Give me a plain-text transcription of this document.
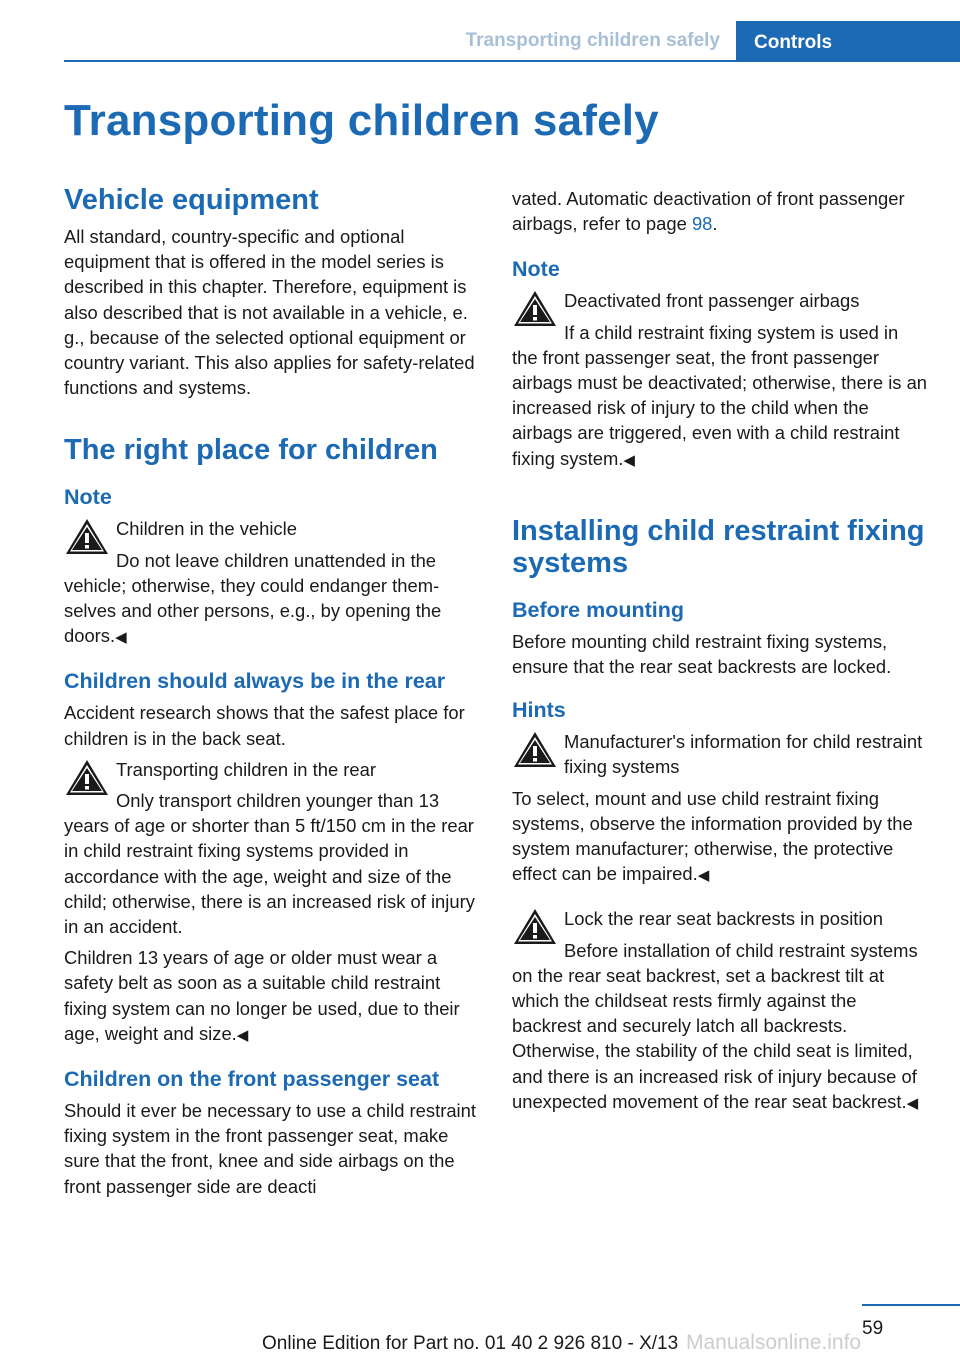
Transporting children safely	Controls
Transporting children safely
Vehicle equipment

All standard, country-specific and optional equipment that is offered in the model series is described in this chapter. Therefore, equipment is also described that is not available in a vehicle, e. g., because of the selected optional equipment or country variant. This also applies for safety-related functions and systems.

The right place for children
Note

Children in the vehicle

Do not leave children unattended in the vehicle; otherwise, they could endanger themselves and other persons, e.g., by opening the doors.◀

Children should always be in the rear

Accident research shows that the safest place for children is in the back seat.

Transporting children in the rear

Only transport children younger than 13 years of age or shorter than 5 ft/150 cm in the rear in child restraint fixing systems provided in accordance with the age, weight and size of the child; otherwise, there is an increased risk of injury in an accident.

Children 13 years of age or older must wear a safety belt as soon as a suitable child restraint fixing system can no longer be used, due to their age, weight and size.◀

Children on the front passenger seat

Should it ever be necessary to use a child restraint fixing system in the front passenger seat, make sure that the front, knee and side airbags on the front passenger side are deacti

vated. Automatic deactivation of front passenger airbags, refer to page 98.

Note

Deactivated front passenger airbags

If a child restraint fixing system is used in the front passenger seat, the front passenger airbags must be deactivated; otherwise, there is an increased risk of injury to the child when the airbags are triggered, even with a child restraint fixing system.◀

Installing child restraint fixing systems
Before mounting

Before mounting child restraint fixing systems, ensure that the rear seat backrests are locked.

Hints

Manufacturer's information for child restraint fixing systems

To select, mount and use child restraint fixing systems, observe the information provided by the system manufacturer; otherwise, the protective effect can be impaired.◀

Lock the rear seat backrests in position

Before installation of child restraint systems on the rear seat backrest, set a backrest tilt at which the childseat rests firmly against the backrest and securely latch all backrests. Otherwise, the stability of the child seat is limited, and there is an increased risk of injury because of unexpected movement of the rear seat backrest.◀

59
Online Edition for Part no. 01 40 2 926 810 - X/13 Manualsonline.info
